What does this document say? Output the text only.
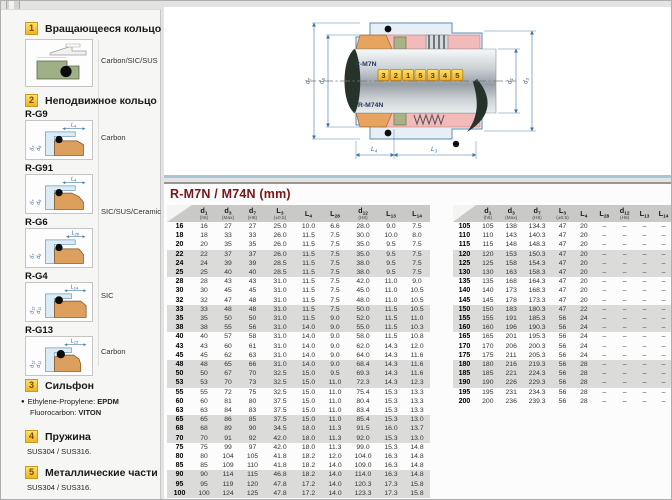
1	Вращающееся кольцо
Carbon/SIC/SUS
2	Неподвижное кольцо
R-G9
$L_4$
$d_7$
$d_8$
Carbon
R-G91
$L_4$
$d_7$
$d_8$
SIC/SUS/Ceramic
R-G6
$L_{28}$
$d_7$
$d_8$
R-G4
$L_{14}$
$d_{12}$
$d_{11}$
SIC
R-G13
$L_{13}$
$d_{12}$
$d_{11}$
Carbon
3	Сильфон
● Ethylene-Propylene: EPDM
Fluorocarbon: VITON
4	Пружина
SUS304 / SUS316.
5	Металлические части
SUS304 / SUS316.
R-M7N
R-M74N
3 2 1 5 3 4 5
$d_7$
$d_8$
$d_1$
$d_3$
$L_4$	$L_3$
R-M7N / M74N (mm)

$d_1$
(h6)

$d_3$
(Max)

$d_7$
(H8)

$L_3$
(±0.5)

$L_4$	$L_{28}$

$d_{12}$
(H8)

$L_{13}$	$L_{14}$

16	16	27	27	25.0	10.0	6.6	28.0	9.0	7.5
18	18	33	33	26.0	11.5	7.5	30.0	10.0	8.0
20	20	35	35	26.0	11.5	7.5	35.0	9.5	7.5
22	22	37	37	26.0	11.5	7.5	35.0	9.5	7.5
24	24	39	39	28.5	11.5	7.5	38.0	9.5	7.5
25	25	40	40	28.5	11.5	7.5	38.0	9.5	7.5
28	28	43	43	31.0	11.5	7.5	42.0	11.0	9.0
30	30	45	45	31.0	11.5	7.5	45.0	11.0	10.5
32	32	47	48	31.0	11.5	7.5	48.0	11.0	10.5
33	33	48	48	31.0	11.5	7.5	50.0	11.5	10.5
35	35	50	50	31.0	11.5	9.0	52.0	11.5	11.0
38	38	55	56	31.0	14.0	9.0	55.0	11.5	10.3
40	40	57	58	31.0	14.0	9.0	58.0	11.5	10.8
43	43	60	61	31.0	14.0	9.0	62.0	14.3	12.0
45	45	62	63	31.0	14.0	9.0	64.0	14.3	11.6
48	48	65	66	31.0	14.0	9.0	68.4	14.3	11.6
50	50	67	70	32.5	15.0	9.5	69.3	14.3	11.6
53	53	70	73	32.5	15.0	11.0	72.3	14.3	12.3
55	55	72	75	32.5	15.0	11.0	75.4	15.3	13.3
60	60	81	80	37.5	15.0	11.0	80.4	15.3	13.3
63	63	84	83	37.5	15.0	11.0	83.4	15.3	13.3
65	65	86	85	37.5	15.0	11.0	85.4	15.3	13.0
68	68	89	90	34.5	18.0	11.3	91.5	16.0	13.7
70	70	91	92	42.0	18.0	11.3	92.0	15.3	13.0
75	75	99	97	42.0	18.0	11.3	99.0	15.3	14.8
80	80	104	105	41.8	18.2	12.0	104.0	16.3	14.8
85	85	109	110	41.8	18.2	14.0	109.0	16.3	14.8
90	90	114	115	46.8	18.2	14.0	114.0	16.3	14.8
95	95	119	120	47.8	17.2	14.0	120.3	17.3	15.8
100	100	124	125	47.8	17.2	14.0	123.3	17.3	15.8

$d_1$
(h6)

$d_3$
(Max)

$d_7$
(H8)

$L_3$
(±0.5)

$L_4$	$L_{28}$

$d_{12}$
(H8)

$L_{13}$	$L_{14}$

105	105	138	134.3	47	20	–	–	–	–
110	110	143	140.3	47	20	–	–	–	–
115	115	148	148.3	47	20	–	–	–	–
120	120	153	150.3	47	20	–	–	–	–
125	125	158	154.3	47	20	–	–	–	–
130	130	163	158.3	47	20	–	–	–	–
135	135	168	164.3	47	20	–	–	–	–
140	140	173	168.3	47	20	–	–	–	–
145	145	178	173.3	47	20	–	–	–	–
150	150	183	180.3	47	22	–	–	–	–
155	155	191	185.3	56	24	–	–	–	–
160	160	196	190.3	56	24	–	–	–	–
165	165	201	195.3	56	24	–	–	–	–
170	170	206	200.3	56	24	–	–	–	–
175	175	211	205.3	56	24	–	–	–	–
180	180	216	219.3	56	28	–	–	–	–
185	185	221	224.3	56	28	–	–	–	–
190	190	226	229.3	56	28	–	–	–	–
195	195	231	234.3	56	28	–	–	–	–
200	200	236	239.3	56	28	–	–	–	–
